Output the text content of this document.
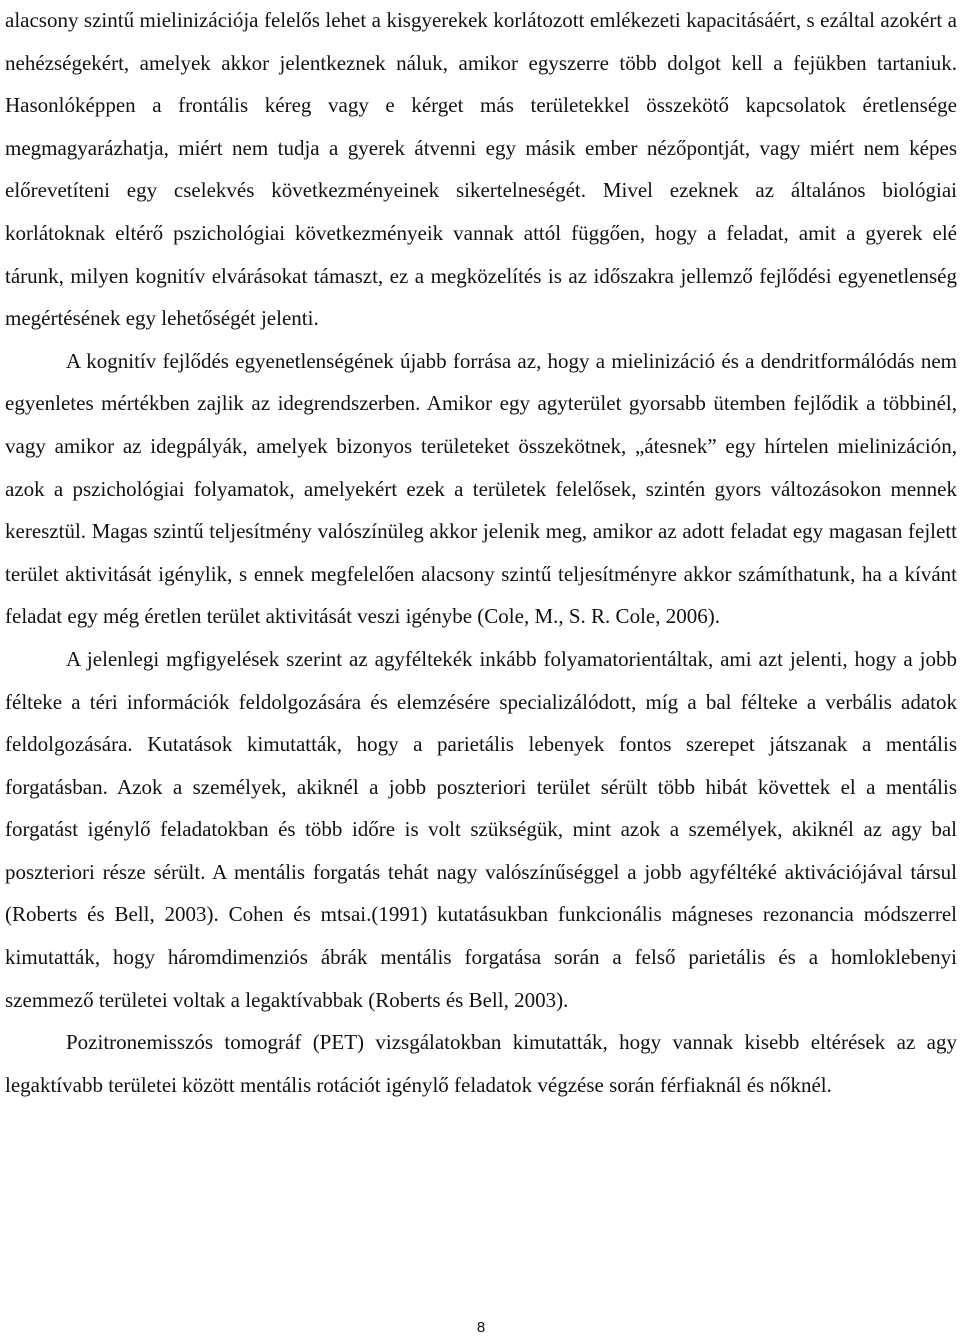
alacsony szintű mielinizációja felelős lehet a kisgyerekek korlátozott emlékezeti kapacitásáért, s ezáltal azokért a nehézségekért, amelyek akkor jelentkeznek náluk, amikor egyszerre több dolgot kell a fejükben tartaniuk. Hasonlóképpen a frontális kéreg vagy e kérget más területekkel összekötő kapcsolatok éretlensége megmagyarázhatja, miért nem tudja a gyerek átvenni egy másik ember nézőpontját, vagy miért nem képes előrevetíteni egy cselekvés következményeinek sikertelneségét. Mivel ezeknek az általános biológiai korlátoknak eltérő pszichológiai következményeik vannak attól függően, hogy a feladat, amit a gyerek elé tárunk, milyen kognitív elvárásokat támaszt, ez a megközelítés is az időszakra jellemző fejlődési egyenetlenség megértésének egy lehetőségét jelenti.

A kognitív fejlődés egyenetlenségének újabb forrása az, hogy a mielinizáció és a dendritformálódás nem egyenletes mértékben zajlik az idegrendszerben. Amikor egy agyterület gyorsabb ütemben fejlődik a többinél, vagy amikor az idegpályák, amelyek bizonyos területeket összekötnek, „átesnek” egy hírtelen mielinizáción, azok a pszichológiai folyamatok, amelyekért ezek a területek felelősek, szintén gyors változásokon mennek keresztül. Magas szintű teljesítmény valószínüleg akkor jelenik meg, amikor az adott feladat egy magasan fejlett terület aktivitását igénylik, s ennek megfelelően alacsony szintű teljesítményre akkor számíthatunk, ha a kívánt feladat egy még éretlen terület aktivitását veszi igénybe (Cole, M., S. R. Cole, 2006).

A jelenlegi mgfigyelések szerint az agyféltekék inkább folyamatorientáltak, ami azt jelenti, hogy a jobb félteke a téri információk feldolgozására és elemzésére specializálódott, míg a bal félteke a verbális adatok feldolgozására. Kutatások kimutatták, hogy a parietális lebenyek fontos szerepet játszanak a mentális forgatásban. Azok a személyek, akiknél a jobb poszteriori terület sérült több hibát követtek el a mentális forgatást igénylő feladatokban és több időre is volt szükségük, mint azok a személyek, akiknél az agy bal poszteriori része sérült. A mentális forgatás tehát nagy valószínűséggel a jobb agyféltéké aktivációjával társul (Roberts és Bell, 2003). Cohen és mtsai.(1991) kutatásukban funkcionális mágneses rezonancia módszerrel kimutatták, hogy háromdimenziós ábrák mentális forgatása során a felső parietális és a homloklebenyi szemmező területei voltak a legaktívabbak (Roberts és Bell, 2003).

Pozitronemisszós tomográf (PET) vizsgálatokban kimutatták, hogy vannak kisebb eltérések az agy legaktívabb területei között mentális rotációt igénylő feladatok végzése során férfiaknál és nőknél.

8
